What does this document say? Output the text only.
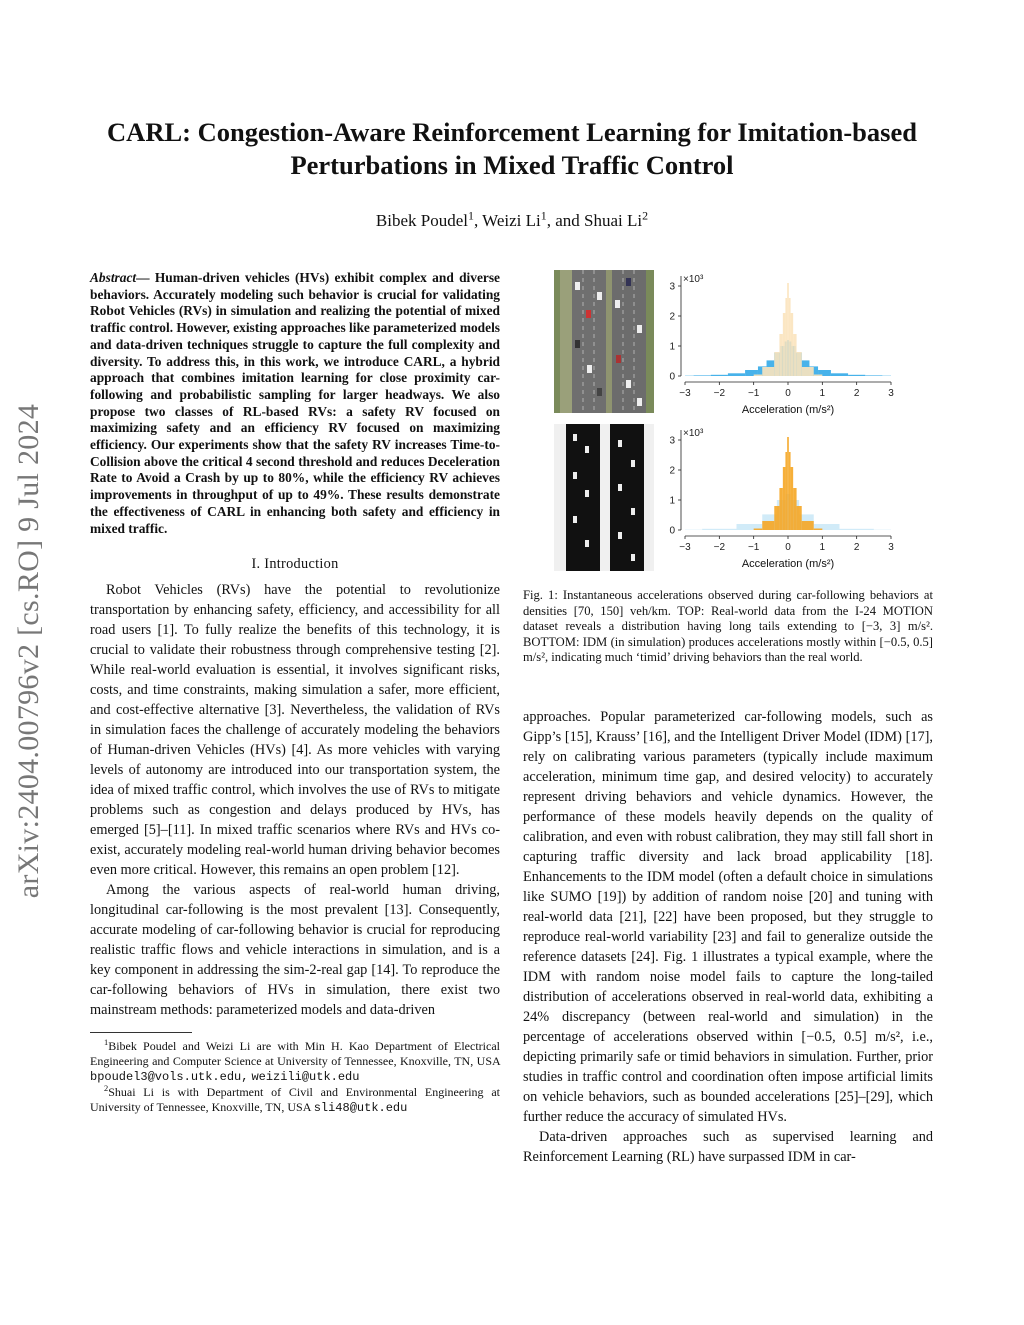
CARL: Congestion-Aware Reinforcement Learning for Imitation-based
Perturbations in Mixed Traffic Control
Bibek Poudel$^1$, Weizi Li$^1$, and Shuai Li$^2$
arXiv:2404.00796v2 [cs.RO] 9 Jul 2024

Abstract— Human-driven vehicles (HVs) exhibit complex and diverse behaviors. Accurately modeling such behavior is crucial for validating Robot Vehicles (RVs) in simulation and realizing the potential of mixed traffic control. However, existing approaches like parameterized models and data-driven techniques struggle to capture the full complexity and diversity. To address this, in this work, we introduce CARL, a hybrid approach that combines imitation learning for close proximity car-following and probabilistic sampling for larger headways. We also propose two classes of RL-based RVs: a safety RV focused on maximizing safety and an efficiency RV focused on maximizing efficiency. Our experiments show that the safety RV increases Time-to-Collision above the critical 4 second threshold and reduces Deceleration Rate to Avoid a Crash by up to 80%, while the efficiency RV achieves improvements in throughput of up to 49%. These results demonstrate the effectiveness of CARL in enhancing both safety and efficiency in mixed traffic.

I. Introduction

Robot Vehicles (RVs) have the potential to revolutionize transportation by enhancing safety, efficiency, and accessibility for all road users [1]. To fully realize the benefits of this technology, it is crucial to validate their robustness through comprehensive testing [2]. While real-world evaluation is essential, it involves significant risks, costs, and time constraints, making simulation a safer, more efficient, and cost-effective alternative [3]. Nevertheless, the validation of RVs in simulation faces the challenge of accurately modeling the behaviors of Human-driven Vehicles (HVs) [4]. As more vehicles with varying levels of autonomy are introduced into our transportation system, the idea of mixed traffic control, which involves the use of RVs to mitigate problems such as congestion and delays produced by HVs, has emerged [5]–[11]. In mixed traffic scenarios where RVs and HVs co-exist, accurately modeling real-world human driving behavior becomes even more critical. However, this remains an open problem [12].

Among the various aspects of real-world human driving, longitudinal car-following is the most prevalent [13]. Consequently, accurate modeling of car-following behavior is crucial for reproducing realistic traffic flows and vehicle interactions in simulation, and is a key component in addressing the sim-2-real gap [14]. To reproduce the car-following behaviors of HVs in simulation, there exist two mainstream methods: parameterized models and data-driven

$^1$Bibek Poudel and Weizi Li are with Min H. Kao Department of Electrical Engineering and Computer Science at University of Tennessee, Knoxville, TN, USA bpoudel3@vols.utk.edu, weizili@utk.edu

$^2$Shuai Li is with Department of Civil and Environmental Engineering at University of Tennessee, Knoxville, TN, USA sli48@utk.edu

0
1
2
3
×10³
−3 −2 −1	0	1	2	3
Acceleration (m/s²)
0
1
2
3
×10³
−3 −2 −1	0	1	2	3
Acceleration (m/s²)
Fig. 1: Instantaneous accelerations observed during car-following behaviors at densities [70, 150] veh/km. TOP: Real-world data from the I-24 MOTION dataset reveals a distribution having long tails extending to [−3, 3] m/s². BOTTOM: IDM (in simulation) produces accelerations mostly within [−0.5, 0.5] m/s², indicating much ‘timid’ driving behaviors than the real world.

approaches. Popular parameterized car-following models, such as Gipp’s [15], Krauss’ [16], and the Intelligent Driver Model (IDM) [17], rely on calibrating various parameters (typically include maximum acceleration, minimum time gap, and desired velocity) to accurately represent driving behaviors and vehicle dynamics. However, the performance of these models heavily depends on the quality of calibration, and even with robust calibration, they may still fall short in capturing traffic diversity and lack broad applicability [18]. Enhancements to the IDM model (often a default choice in simulations like SUMO [19]) by addition of random noise [20] and tuning with real-world data [21], [22] have been proposed, but they struggle to reproduce real-world variability [23] and fail to generalize outside the reference datasets [24]. Fig. 1 illustrates a typical example, where the IDM with random noise model fails to capture the long-tailed distribution of accelerations observed in real-world data, exhibiting a 24% discrepancy (between real-world and simulation) in the percentage of accelerations observed within [−0.5, 0.5] m/s², i.e., depicting primarily safe or timid behaviors in simulation. Further, prior studies in traffic control and coordination often impose artificial limits on vehicle behaviors, such as bounded accelerations [25]–[29], which further reduce the accuracy of simulated HVs.

Data-driven approaches such as supervised learning and Reinforcement Learning (RL) have surpassed IDM in car-
